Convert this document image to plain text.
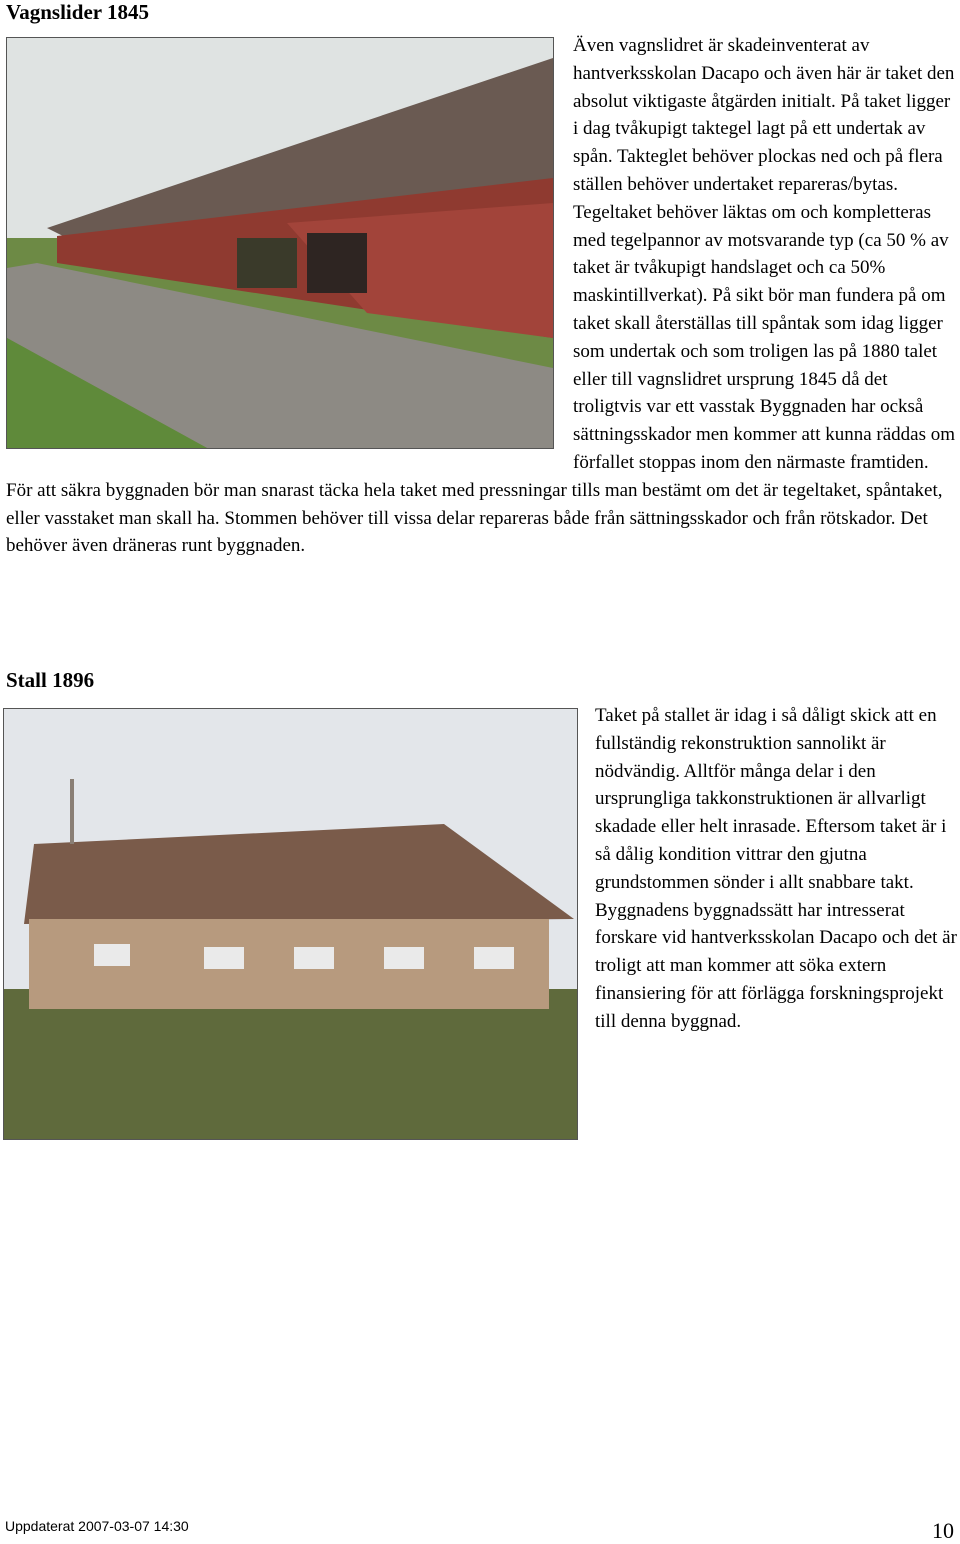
Vagnslider 1845
Även vagnslidret är skadeinventerat av hantverksskolan Dacapo och även här är taket den absolut viktigaste åtgärden initialt. På taket ligger i dag tvåkupigt taktegel lagt på ett undertak av spån. Takteglet behöver plockas ned och på flera ställen behöver undertaket repareras/bytas. Tegeltaket behöver läktas om och kompletteras med tegelpannor av motsvarande typ (ca 50 % av taket är tvåkupigt handslaget och ca 50% maskintillverkat). På sikt bör man fundera på om taket skall återställas till spåntak som idag ligger som undertak och som troligen las på 1880 talet eller till vagnslidret ursprung 1845 då det troligtvis var ett vasstak Byggnaden har också sättningsskador men kommer att kunna räddas om förfallet stoppas inom den närmaste framtiden. För att säkra byggnaden bör man snarast täcka hela taket med pressningar tills man bestämt om det är tegeltaket, spåntaket, eller vasstaket man skall ha. Stommen behöver till vissa delar repareras både från sättningsskador och från rötskador. Det behöver även dräneras runt byggnaden.
Stall 1896

Taket på stallet är idag i så dåligt skick att en fullständig rekonstruktion sannolikt är nödvändig. Alltför många delar i den ursprungliga takkonstruktionen är allvarligt skadade eller helt inrasade. Eftersom taket är i så dålig kondition vittrar den gjutna grundstommen sönder i allt snabbare takt. Byggnadens byggnadssätt har intresserat forskare vid hantverksskolan Dacapo och det är troligt att man kommer att söka extern finansiering för att förlägga forskningsprojekt till denna byggnad.

Uppdaterat 2007-03-07 14:30	10
